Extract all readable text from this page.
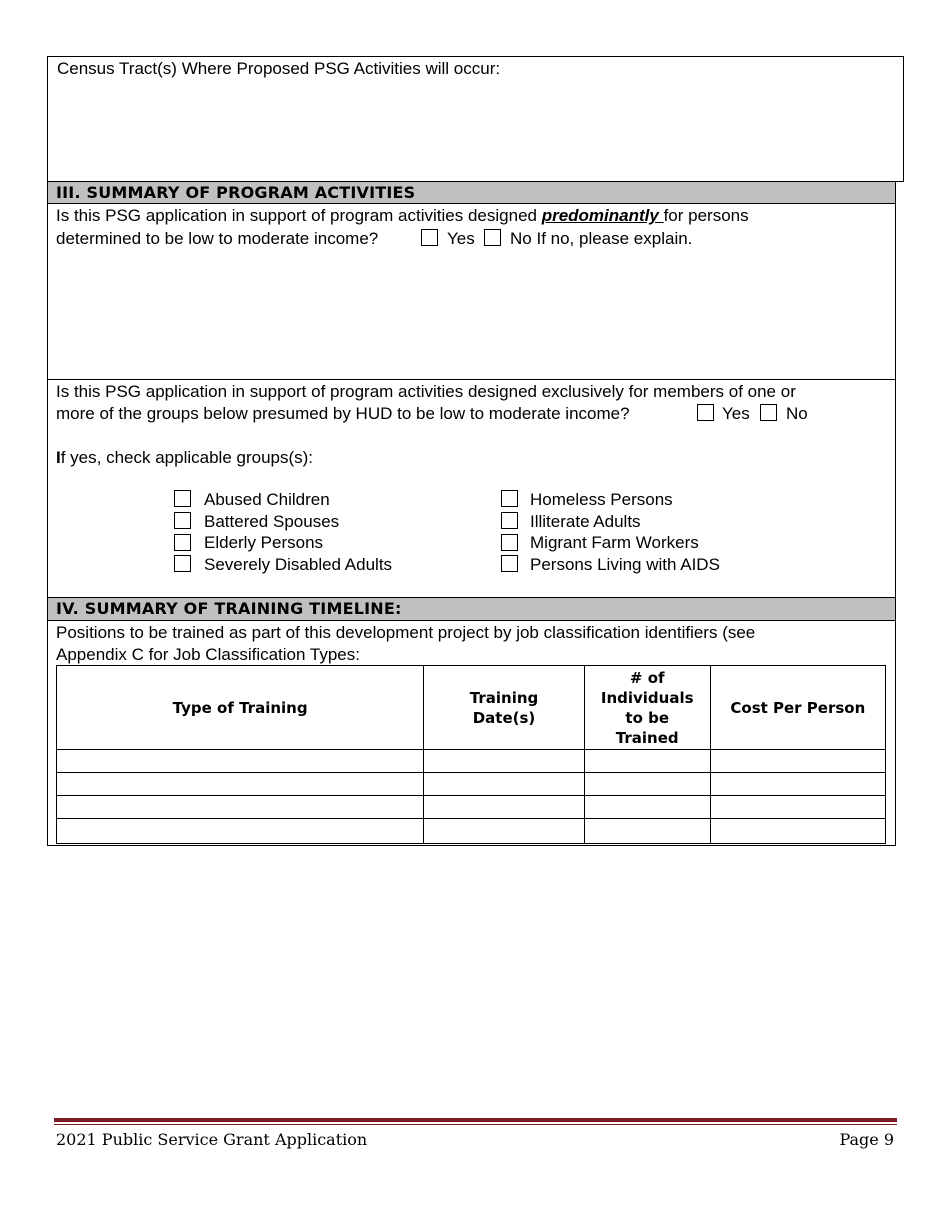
Census Tract(s) Where Proposed PSG Activities will occur:
III. SUMMARY OF PROGRAM ACTIVITIES
Is this PSG application in support of program activities designed predominantly for persons
determined to be low to moderate income?	Yes No If no, please explain.
Is this PSG application in support of program activities designed exclusively for members of one or
more of the groups below presumed by HUD to be low to moderate income?	Yes No
If yes, check applicable groups(s):
Abused Children
Battered Spouses
Elderly Persons
Severely Disabled Adults
Homeless Persons
Illiterate Adults
Migrant Farm Workers
Persons Living with AIDS
IV. SUMMARY OF TRAINING TIMELINE:
Positions to be trained as part of this development project by job classification identifiers (see
Appendix C for Job Classification Types:
Type of Training	Training Date(s)	# of Individuals to be Trained	Cost Per Person

2021 Public Service Grant Application	Page 9
